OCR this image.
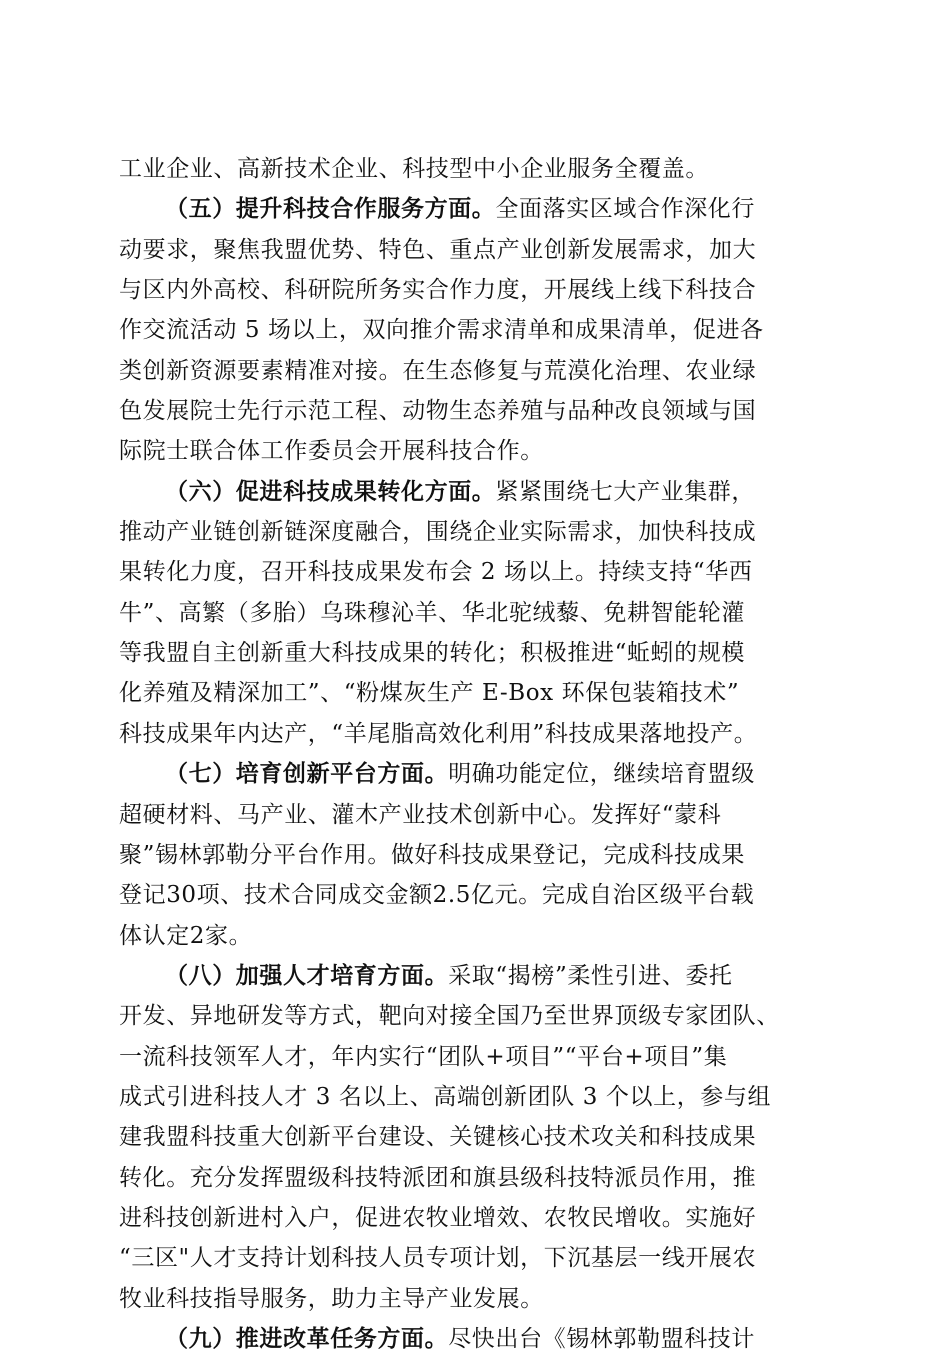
工业企业、高新技术企业、科技型中小企业服务全覆盖。
（五）提升科技合作服务方面。全面落实区域合作深化行
动要求，聚焦我盟优势、特色、重点产业创新发展需求，加大
与区内外高校、科研院所务实合作力度，开展线上线下科技合
作交流活动 5 场以上，双向推介需求清单和成果清单，促进各
类创新资源要素精准对接。在生态修复与荒漠化治理、农业绿
色发展院士先行示范工程、动物生态养殖与品种改良领域与国
际院士联合体工作委员会开展科技合作。
（六）促进科技成果转化方面。紧紧围绕七大产业集群，
推动产业链创新链深度融合，围绕企业实际需求，加快科技成
果转化力度，召开科技成果发布会 2 场以上。持续支持“华西
牛”、高繁（多胎）乌珠穆沁羊、华北驼绒藜、免耕智能轮灌
等我盟自主创新重大科技成果的转化；积极推进“蚯蚓的规模
化养殖及精深加工”、“粉煤灰生产 E-Box 环保包装箱技术”
科技成果年内达产，“羊尾脂高效化利用”科技成果落地投产。
（七）培育创新平台方面。明确功能定位，继续培育盟级
超硬材料、马产业、灌木产业技术创新中心。发挥好“蒙科
聚”锡林郭勒分平台作用。做好科技成果登记，完成科技成果
登记30项、技术合同成交金额2.5亿元。完成自治区级平台载
体认定2家。
（八）加强人才培育方面。采取“揭榜”柔性引进、委托
开发、异地研发等方式，靶向对接全国乃至世界顶级专家团队、
一流科技领军人才，年内实行“团队+项目”“平台+项目”集
成式引进科技人才 3 名以上、高端创新团队 3 个以上，参与组
建我盟科技重大创新平台建设、关键核心技术攻关和科技成果
转化。充分发挥盟级科技特派团和旗县级科技特派员作用，推
进科技创新进村入户，促进农牧业增效、农牧民增收。实施好
“三区"人才支持计划科技人员专项计划，下沉基层一线开展农
牧业科技指导服务，助力主导产业发展。
（九）推进改革任务方面。尽快出台《锡林郭勒盟科技计
